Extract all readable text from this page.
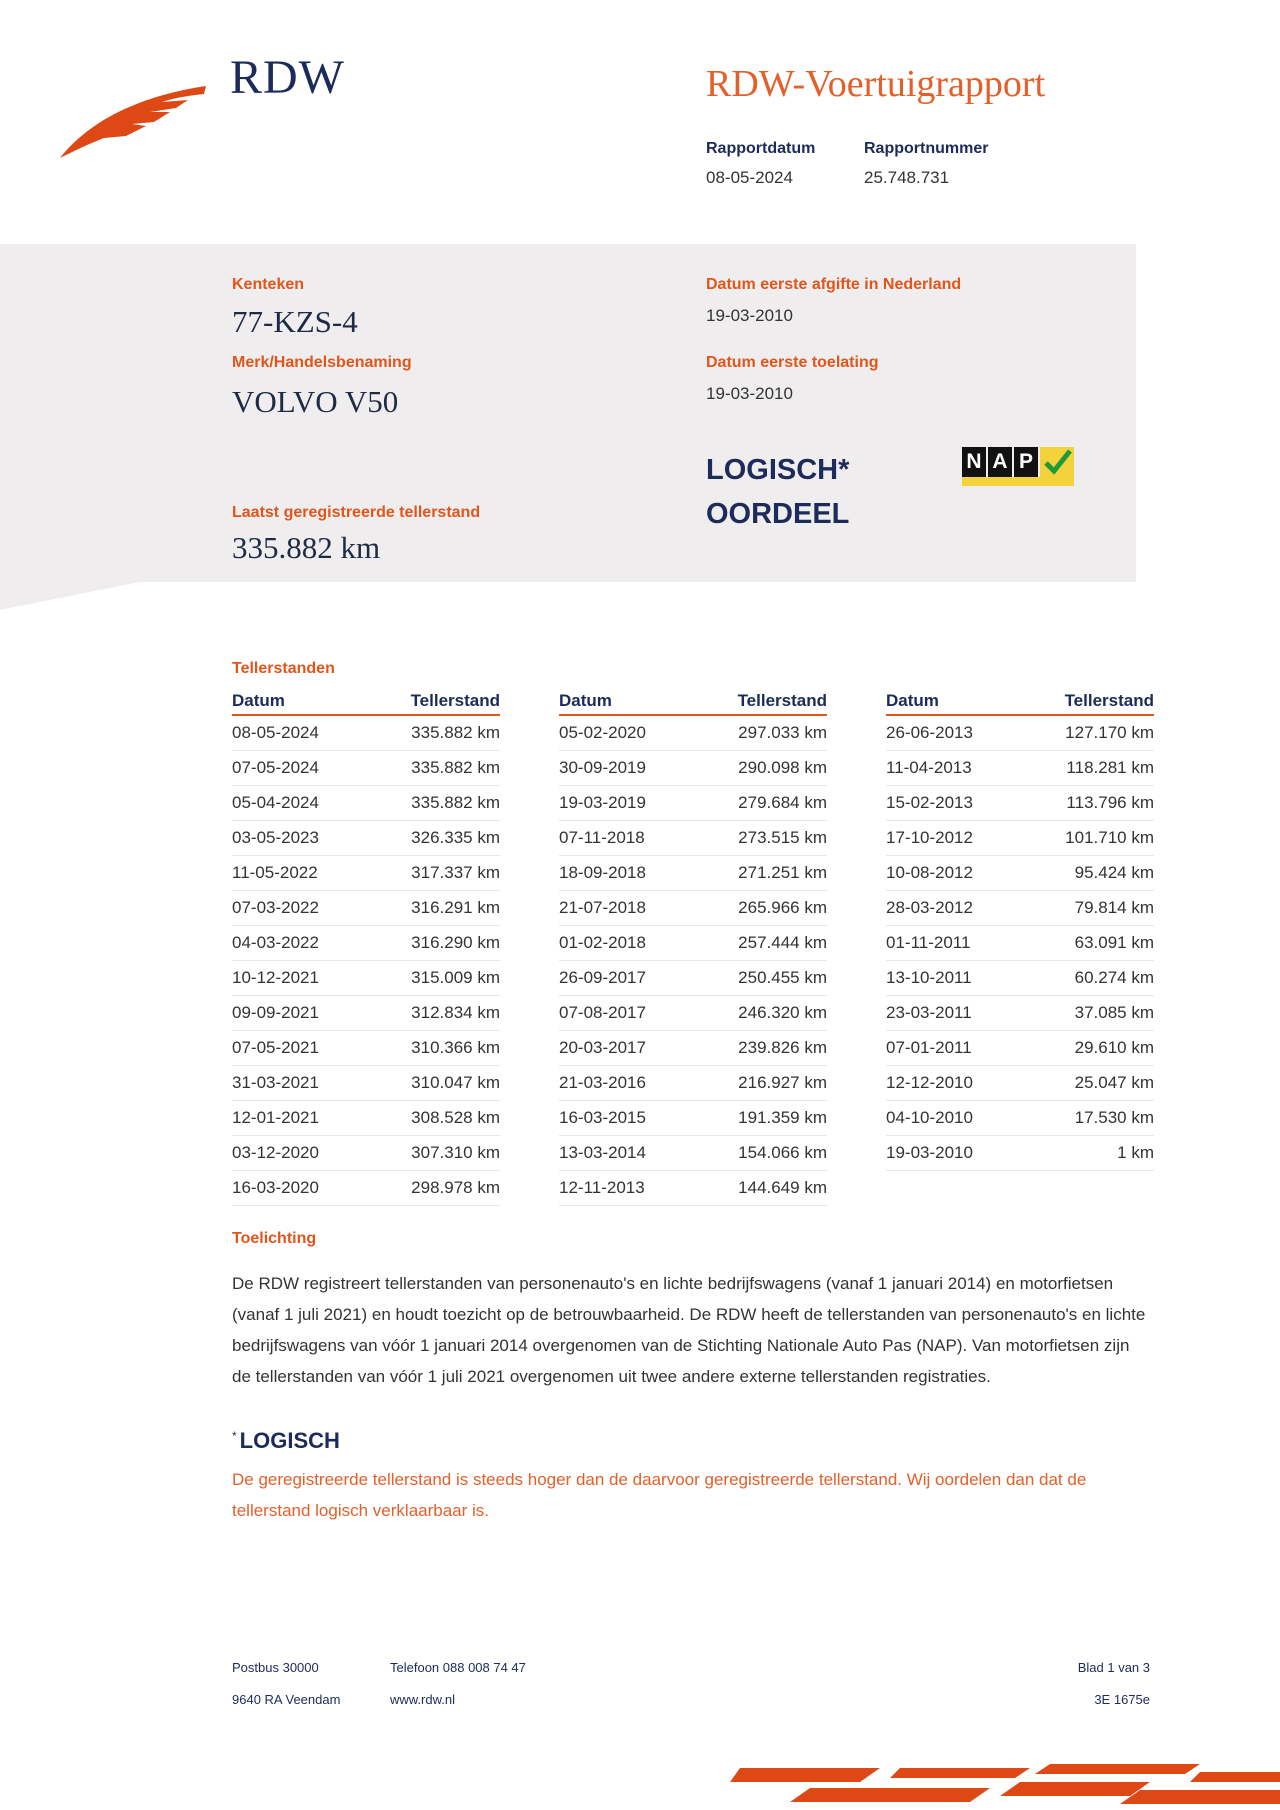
RDW	RDW-Voertuigrapport
Rapportdatum
08-05-2024
Rapportnummer
25.748.731
Kenteken
77-KZS-4
Merk/Handelsbenaming
VOLVO V50
Laatst geregistreerde tellerstand
335.882 km
Datum eerste afgifte in Nederland
19-03-2010
Datum eerste toelating
19-03-2010
LOGISCH*
OORDEEL
N A P
Tellerstanden
Datum	Tellerstand
08-05-2024	335.882 km
07-05-2024	335.882 km
05-04-2024	335.882 km
03-05-2023	326.335 km
11-05-2022	317.337 km
07-03-2022	316.291 km
04-03-2022	316.290 km
10-12-2021	315.009 km
09-09-2021	312.834 km
07-05-2021	310.366 km
31-03-2021	310.047 km
12-01-2021	308.528 km
03-12-2020	307.310 km
16-03-2020	298.978 km
Datum	Tellerstand
05-02-2020	297.033 km
30-09-2019	290.098 km
19-03-2019	279.684 km
07-11-2018	273.515 km
18-09-2018	271.251 km
21-07-2018	265.966 km
01-02-2018	257.444 km
26-09-2017	250.455 km
07-08-2017	246.320 km
20-03-2017	239.826 km
21-03-2016	216.927 km
16-03-2015	191.359 km
13-03-2014	154.066 km
12-11-2013	144.649 km
Datum	Tellerstand
26-06-2013	127.170 km
11-04-2013	118.281 km
15-02-2013	113.796 km
17-10-2012	101.710 km
10-08-2012	95.424 km
28-03-2012	79.814 km
01-11-2011	63.091 km
13-10-2011	60.274 km
23-03-2011	37.085 km
07-01-2011	29.610 km
12-12-2010	25.047 km
04-10-2010	17.530 km
19-03-2010	1 km
Toelichting
De RDW registreert tellerstanden van personenauto's en lichte bedrijfswagens (vanaf 1 januari 2014) en motorfietsen (vanaf 1 juli 2021) en houdt toezicht op de betrouwbaarheid. De RDW heeft de tellerstanden van personenauto's en lichte bedrijfswagens van vóór 1 januari 2014 overgenomen van de Stichting Nationale Auto Pas (NAP). Van motorfietsen zijn de tellerstanden van vóór 1 juli 2021 overgenomen uit twee andere externe tellerstanden registraties.
* LOGISCH
De geregistreerde tellerstand is steeds hoger dan de daarvoor geregistreerde tellerstand. Wij oordelen dan dat de tellerstand logisch verklaarbaar is.
Postbus 30000
9640 RA Veendam
Telefoon 088 008 74 47
www.rdw.nl
Blad 1 van 3
3E 1675e
